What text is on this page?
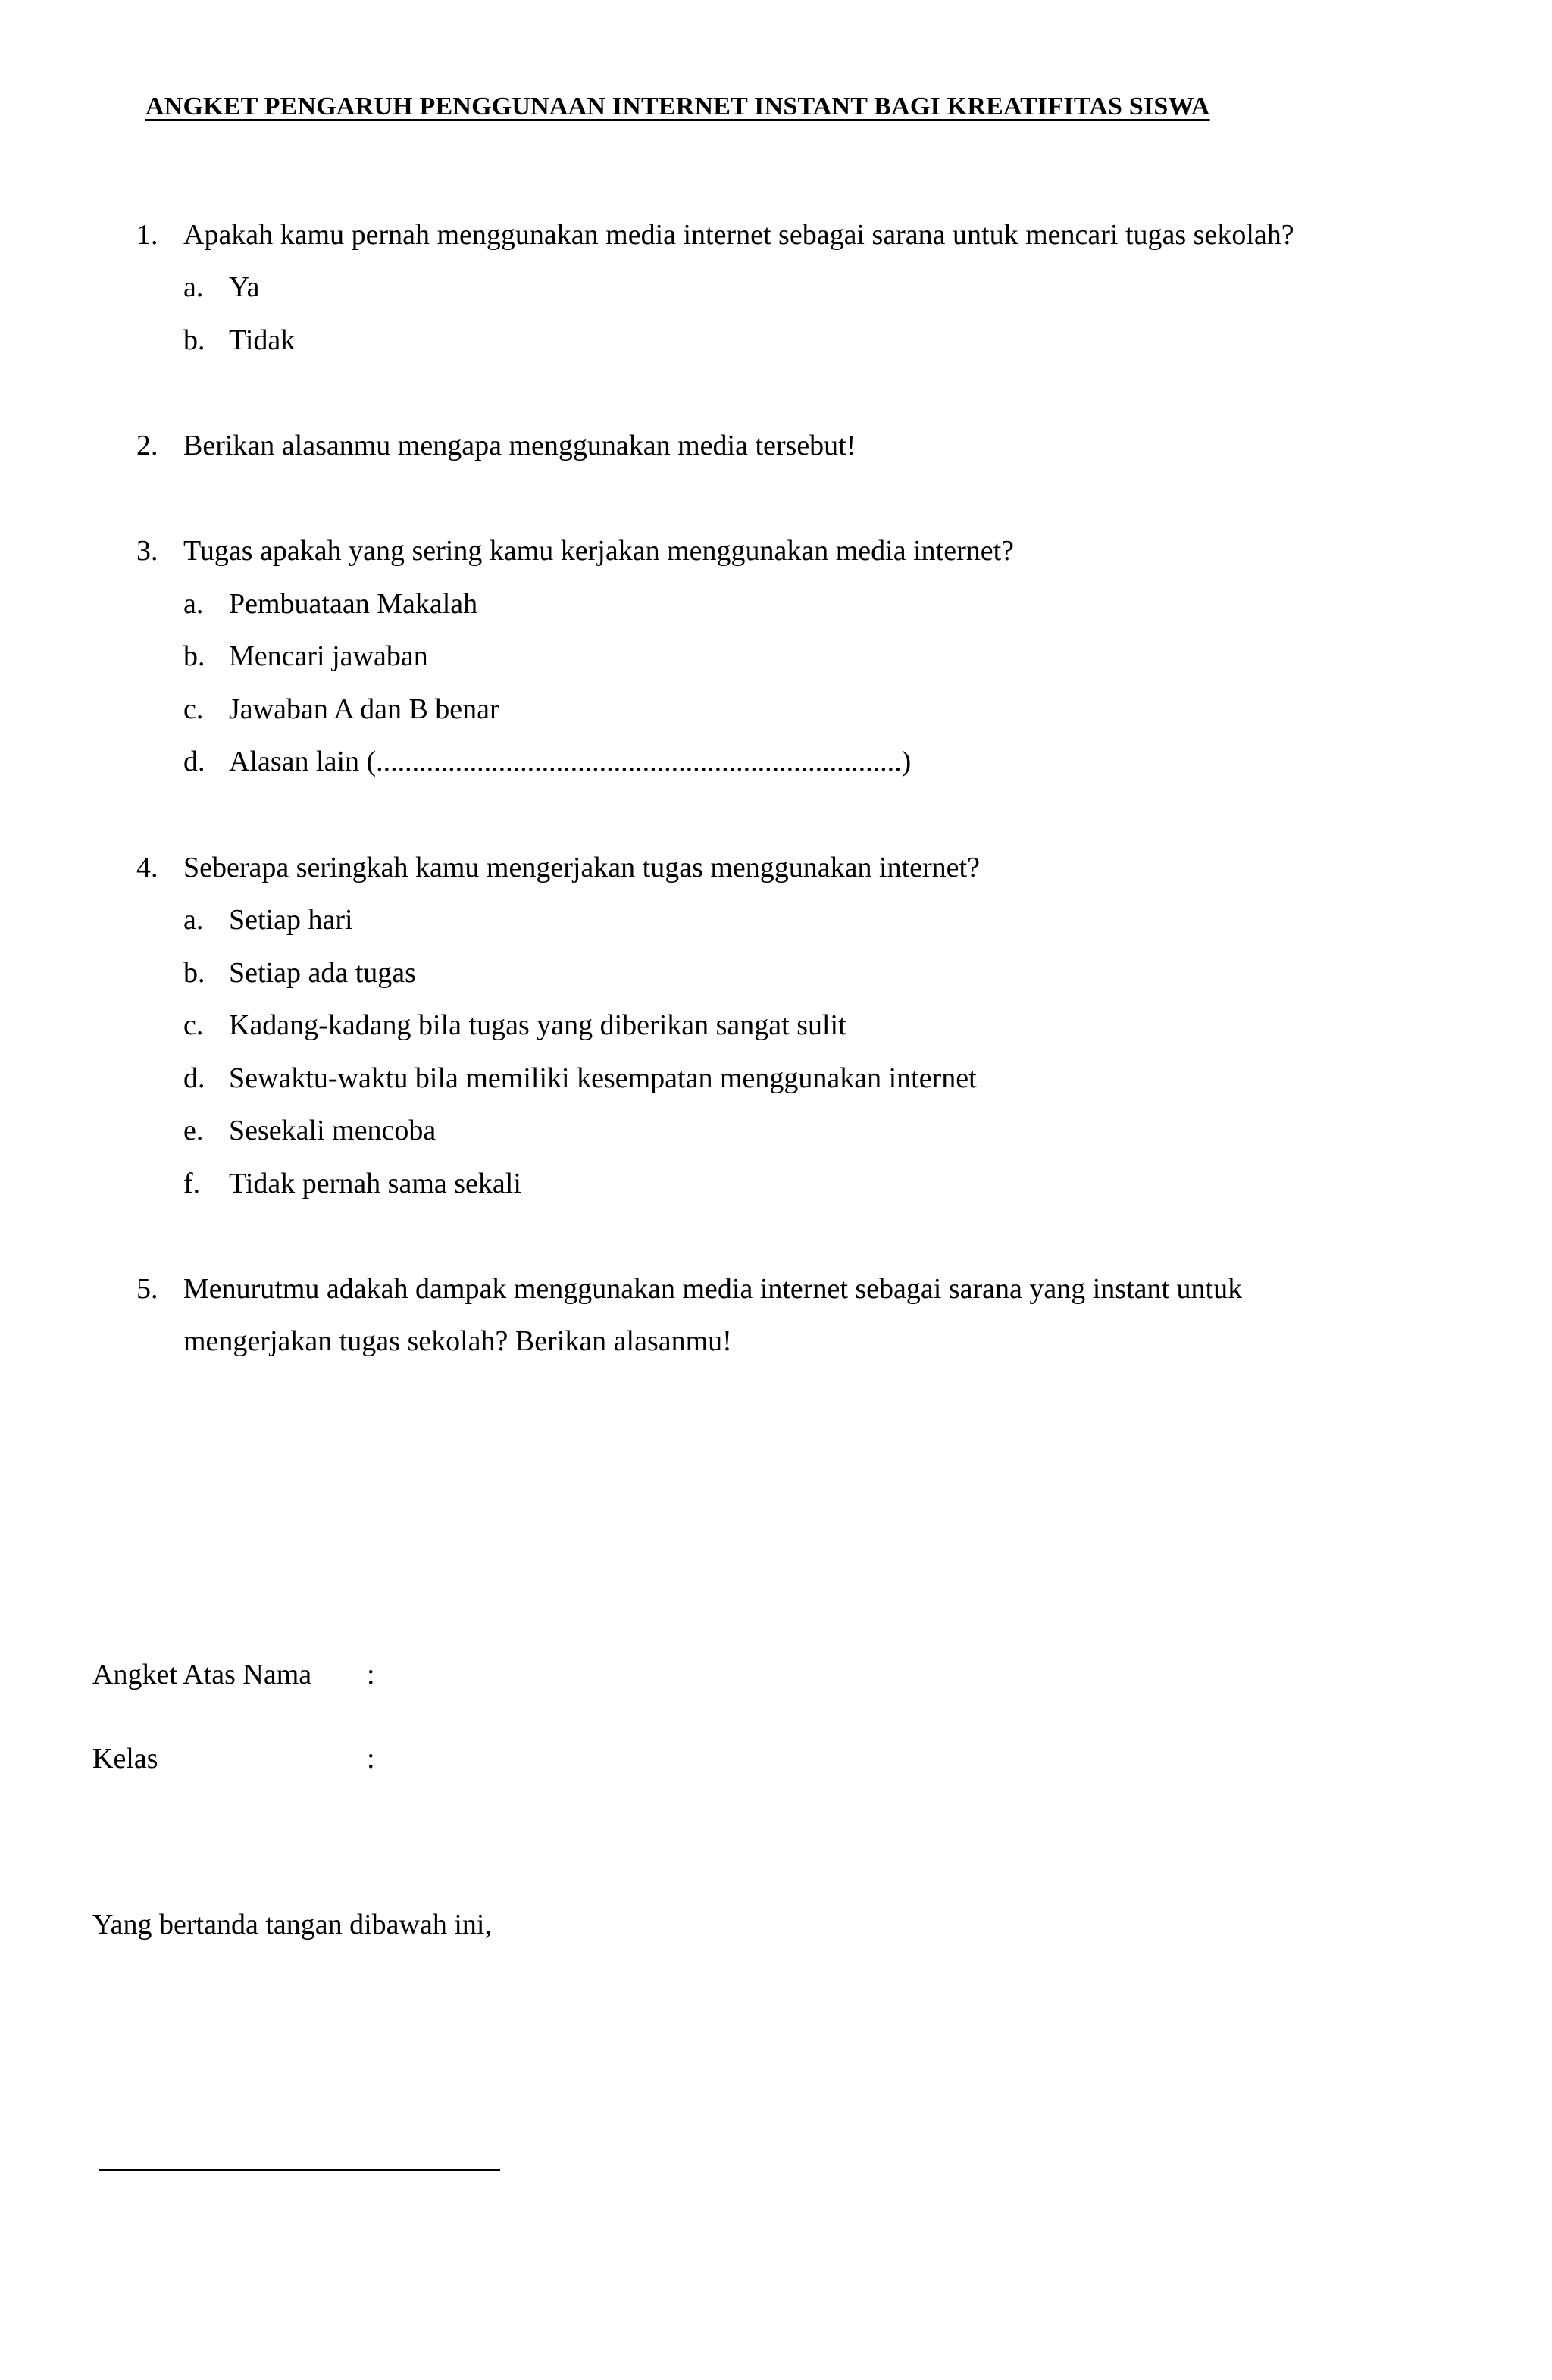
ANGKET PENGARUH PENGGUNAAN INTERNET INSTANT BAGI KREATIFITAS SISWA
1. Apakah kamu pernah menggunakan media internet sebagai sarana untuk mencari tugas sekolah?
a. Ya
b. Tidak
2. Berikan alasanmu mengapa menggunakan media tersebut!
3. Tugas apakah yang sering kamu kerjakan menggunakan media internet?
a. Pembuataan Makalah
b. Mencari jawaban
c. Jawaban A dan B benar
d. Alasan lain (.........................................................................)
4. Seberapa seringkah kamu mengerjakan tugas menggunakan internet?
a. Setiap hari
b. Setiap ada tugas
c. Kadang-kadang bila tugas yang diberikan sangat sulit
d. Sewaktu-waktu bila memiliki kesempatan menggunakan internet
e. Sesekali mencoba
f. Tidak pernah sama sekali
5. Menurutmu adakah dampak menggunakan media internet sebagai sarana yang instant untuk
mengerjakan tugas sekolah? Berikan alasanmu!
Angket Atas Nama :
Kelas	:
Yang bertanda tangan dibawah ini,
